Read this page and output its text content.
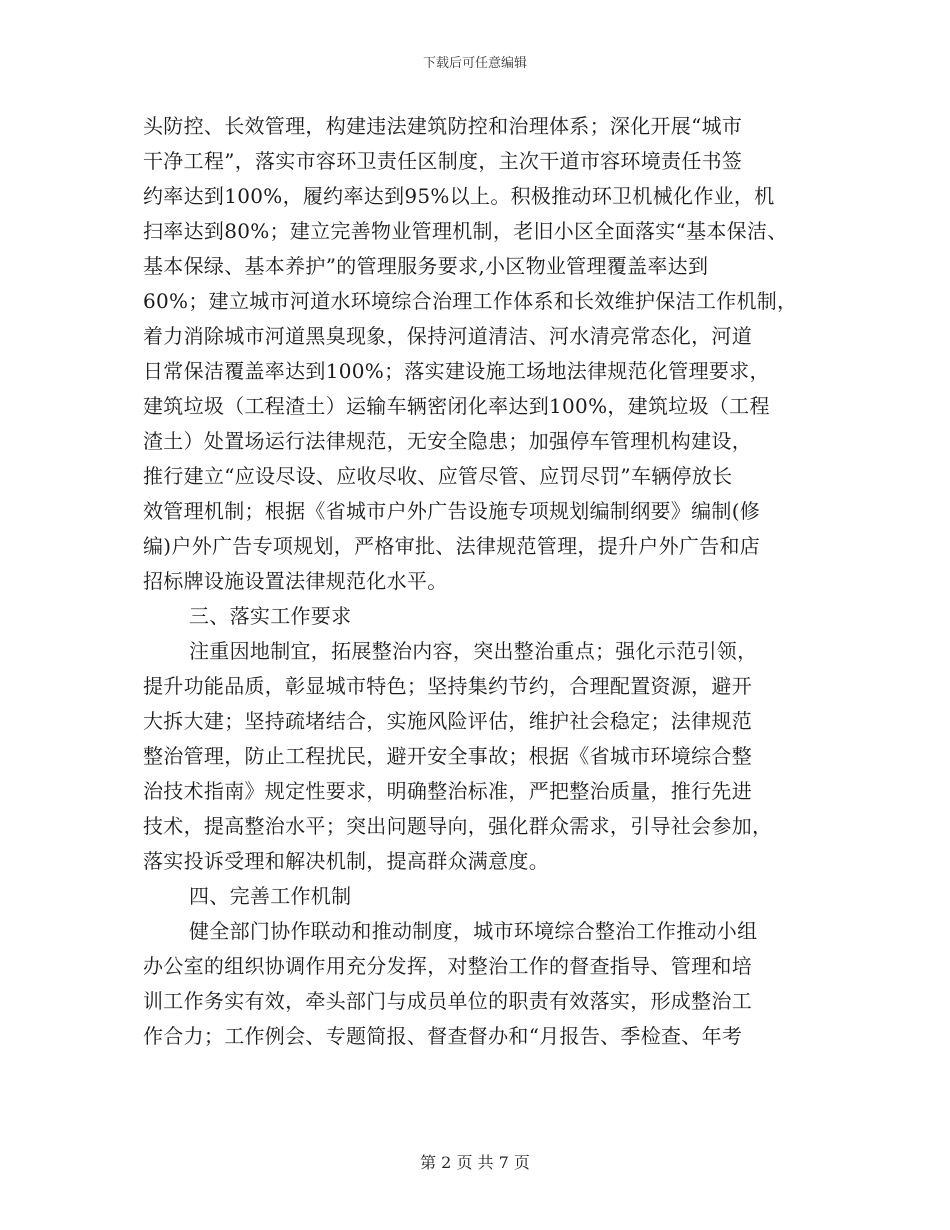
下载后可任意编辑
头防控、长效管理，构建违法建筑防控和治理体系；深化开展“城市
干净工程”，落实市容环卫责任区制度，主次干道市容环境责任书签
约率达到100%，履约率达到95%以上。积极推动环卫机械化作业，机
扫率达到80%；建立完善物业管理机制，老旧小区全面落实“基本保洁、
基本保绿、基本养护”的管理服务要求,小区物业管理覆盖率达到
60%；建立城市河道水环境综合治理工作体系和长效维护保洁工作机制，
着力消除城市河道黑臭现象，保持河道清洁、河水清亮常态化，河道
日常保洁覆盖率达到100%；落实建设施工场地法律规范化管理要求，
建筑垃圾（工程渣土）运输车辆密闭化率达到100%，建筑垃圾（工程
渣土）处置场运行法律规范，无安全隐患；加强停车管理机构建设，
推行建立“应设尽设、应收尽收、应管尽管、应罚尽罚”车辆停放长
效管理机制；根据《省城市户外广告设施专项规划编制纲要》编制(修
编)户外广告专项规划，严格审批、法律规范管理，提升户外广告和店
招标牌设施设置法律规范化水平。
三、落实工作要求
注重因地制宜，拓展整治内容，突出整治重点；强化示范引领，
提升功能品质，彰显城市特色；坚持集约节约，合理配置资源，避开
大拆大建；坚持疏堵结合，实施风险评估，维护社会稳定；法律规范
整治管理，防止工程扰民，避开安全事故；根据《省城市环境综合整
治技术指南》规定性要求，明确整治标准，严把整治质量，推行先进
技术，提高整治水平；突出问题导向，强化群众需求，引导社会参加，
落实投诉受理和解决机制，提高群众满意度。
四、完善工作机制
健全部门协作联动和推动制度，城市环境综合整治工作推动小组
办公室的组织协调作用充分发挥，对整治工作的督查指导、管理和培
训工作务实有效，牵头部门与成员单位的职责有效落实，形成整治工
作合力；工作例会、专题简报、督查督办和“月报告、季检查、年考
第 2 页 共 7 页
